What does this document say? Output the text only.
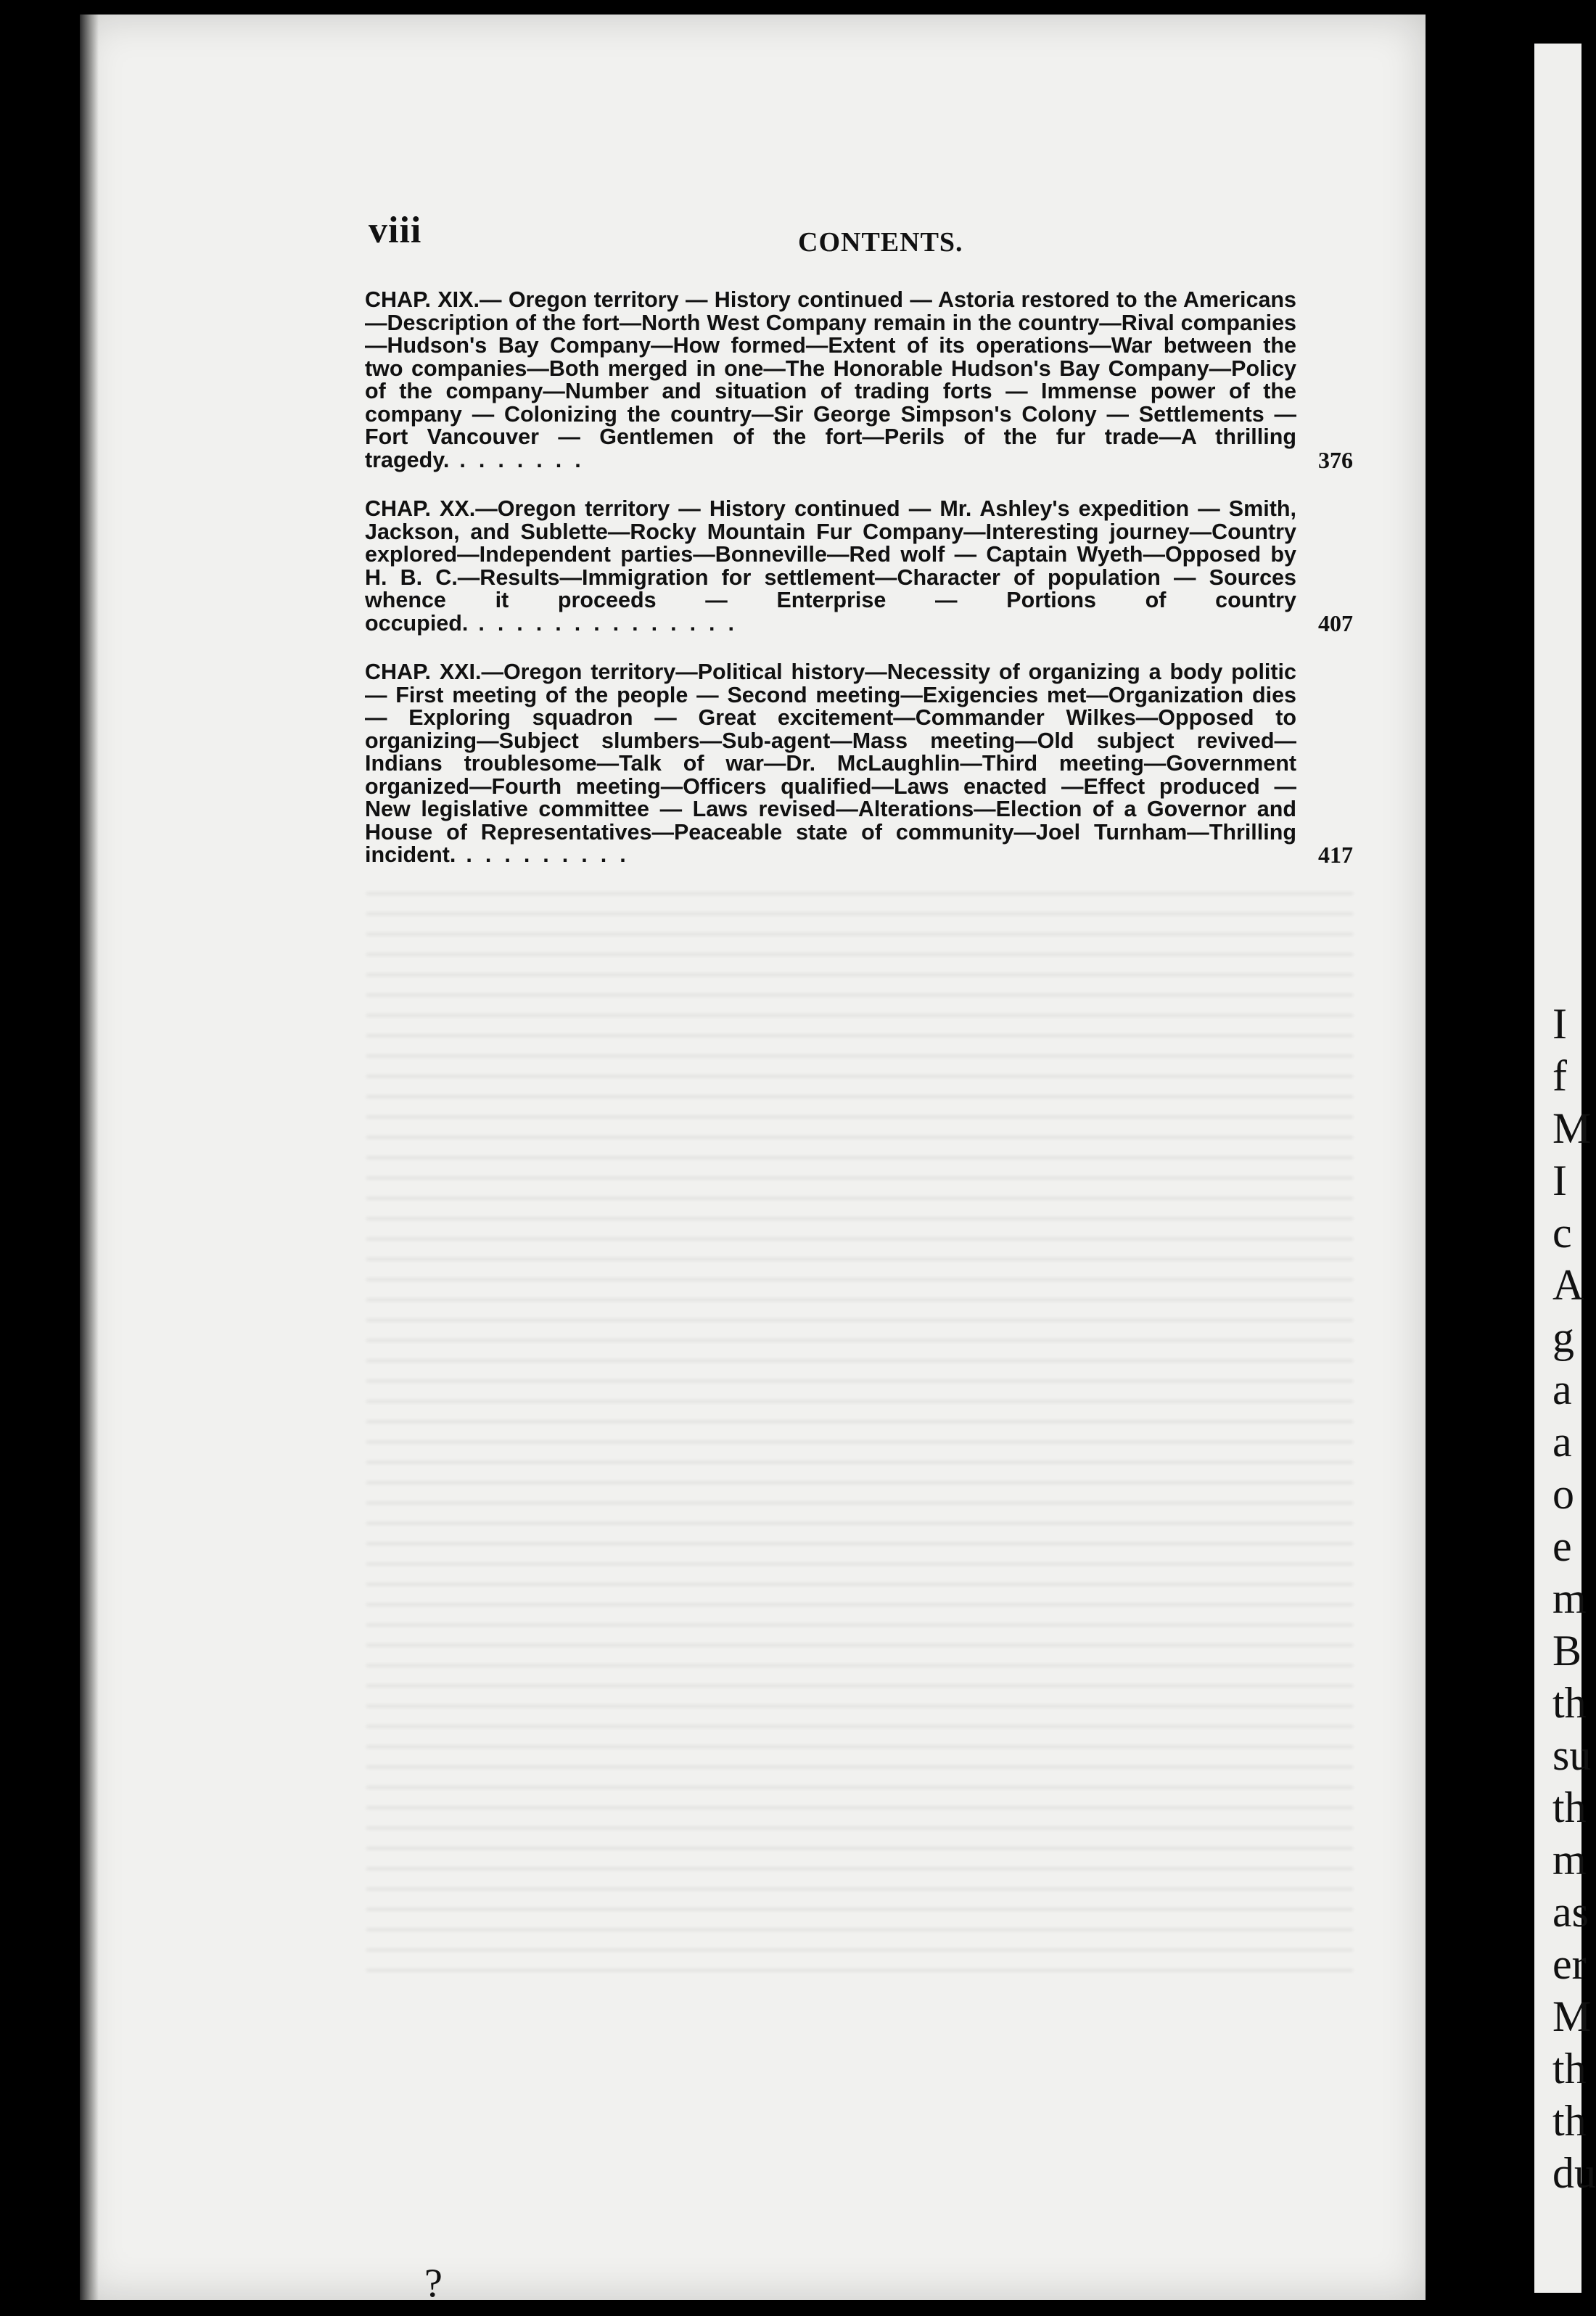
viii	CONTENTS.
CHAP. XIX.— Oregon territory — History continued — Astoria restored to the Americans —Description of the fort—North West Company remain in the country—Rival companies—Hudson's Bay Company—How formed—Extent of its operations—War between the two companies—Both merged in one—The Honorable Hudson's Bay Company—Policy of the company—Number and situation of trading forts — Immense power of the company — Colonizing the country—Sir George Simpson's Colony — Settlements — Fort Vancouver — Gentlemen of the fort—Perils of the fur trade—A thrilling tragedy. .......	376
CHAP. XX.—Oregon territory — History continued — Mr. Ashley's expedition — Smith, Jackson, and Sublette—Rocky Mountain Fur Company—Interesting journey—Country explored—Independent parties—Bonneville—Red wolf — Captain Wyeth—Opposed by H. B. C.—Results—Immigration for settlement—Character of population — Sources whence it proceeds — Enterprise — Portions of country occupied. ..............	407
CHAP. XXI.—Oregon territory—Political history—Necessity of organizing a body politic — First meeting of the people — Second meeting—Exigencies met—Organization dies — Exploring squadron — Great excitement—Commander Wilkes—Opposed to organizing—Subject slumbers—Sub-agent—Mass meeting—Old subject revived—Indians troublesome—Talk of war—Dr. McLaughlin—Third meeting—Government organized—Fourth meeting—Officers qualified—Laws enacted —Effect produced — New legislative committee — Laws revised—Alterations—Election of a Governor and House of Representatives—Peaceable state of community—Joel Turnham—Thrilling incident. .........	417
I
f
M
I
c
A
g
a
a
o
e
m
B
th
su
th
m
as
er
M
th
th
du
?
